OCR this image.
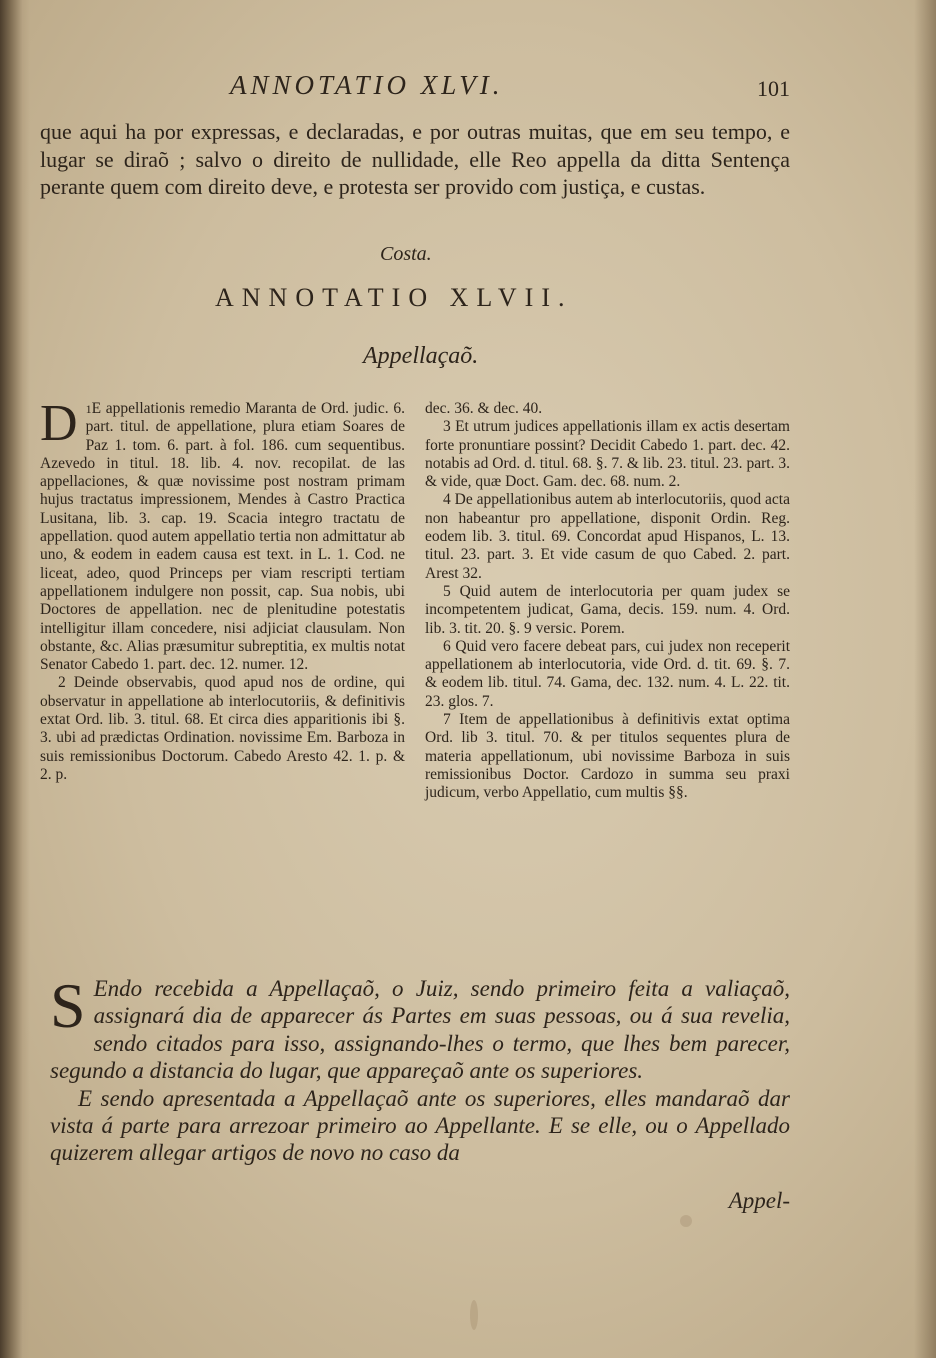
ANNOTATIO XLVI.	101
que aqui ha por expressas, e declaradas, e por outras muitas, que em seu tempo, e lugar se diraõ ; salvo o direito de nullidade, elle Reo appella da ditta Sentença perante quem com direito deve, e protesta ser provido com justiça, e custas.
Costa.
ANNOTATIO XLVII.
Appellaçaõ.

$^1$
D E appellationis remedio Maranta de Ord. judic. 6. part. titul. de appellatione, plura etiam Soares de Paz 1. tom. 6. part. à fol. 186. cum sequentibus. Azevedo in titul. 18. lib. 4. nov. recopilat. de las appellaciones, & quæ novissime post nostram primam hujus tractatus impressionem, Mendes à Castro Practica Lusitana, lib. 3. cap. 19. Scacia integro tractatu de appellation. quod autem appellatio tertia non admittatur ab uno, & eodem in eadem causa est text. in L. 1. Cod. ne liceat, adeo, quod Princeps per viam rescripti tertiam appellationem indulgere non possit, cap. Sua nobis, ubi Doctores de appellation. nec de plenitudine potestatis intelligitur illam concedere, nisi adjiciat clausulam. Non obstante, &c. Alias præsumitur subreptitia, ex multis notat Senator Cabedo 1. part. dec. 12. numer. 12.

2 Deinde observabis, quod apud nos de ordine, qui observatur in appellatione ab interlocutoriis, & definitivis extat Ord. lib. 3. titul. 68. Et circa dies apparitionis ibi §. 3. ubi ad prædictas Ordination. novissime Em. Barboza in suis remissionibus Doctorum. Cabedo Aresto 42. 1. p. & 2. p.

dec. 36. & dec. 40.

3 Et utrum judices appellationis illam ex actis desertam forte pronuntiare possint? Decidit Cabedo 1. part. dec. 42. notabis ad Ord. d. titul. 68. §. 7. & lib. 23. titul. 23. part. 3. & vide, quæ Doct. Gam. dec. 68. num. 2.

4 De appellationibus autem ab interlocutoriis, quod acta non habeantur pro appellatione, disponit Ordin. Reg. eodem lib. 3. titul. 69. Concordat apud Hispanos, L. 13. titul. 23. part. 3. Et vide casum de quo Cabed. 2. part. Arest 32.

5 Quid autem de interlocutoria per quam judex se incompetentem judicat, Gama, decis. 159. num. 4. Ord. lib. 3. tit. 20. §. 9 versic. Porem.

6 Quid vero facere debeat pars, cui judex non receperit appellationem ab interlocutoria, vide Ord. d. tit. 69. §. 7. & eodem lib. titul. 74. Gama, dec. 132. num. 4. L. 22. tit. 23. glos. 7.

7 Item de appellationibus à definitivis extat optima Ord. lib 3. titul. 70. & per titulos sequentes plura de materia appellationum, ubi novissime Barboza in suis remissionibus Doctor. Cardozo in summa seu praxi judicum, verbo Appellatio, cum multis §§.

S Endo recebida a Appellaçaõ, o Juiz, sendo primeiro feita a valiaçaõ, assignará dia de apparecer ás Partes em suas pessoas, ou á sua revelia, sendo citados para isso, assignando-lhes o termo, que lhes bem parecer, segundo a distancia do lugar, que appareçaõ ante os superiores.

E sendo apresentada a Appellaçaõ ante os superiores, elles mandaraõ dar vista á parte para arrezoar primeiro ao Appellante. E se elle, ou o Appellado quizerem allegar artigos de novo no caso da

Appel-
